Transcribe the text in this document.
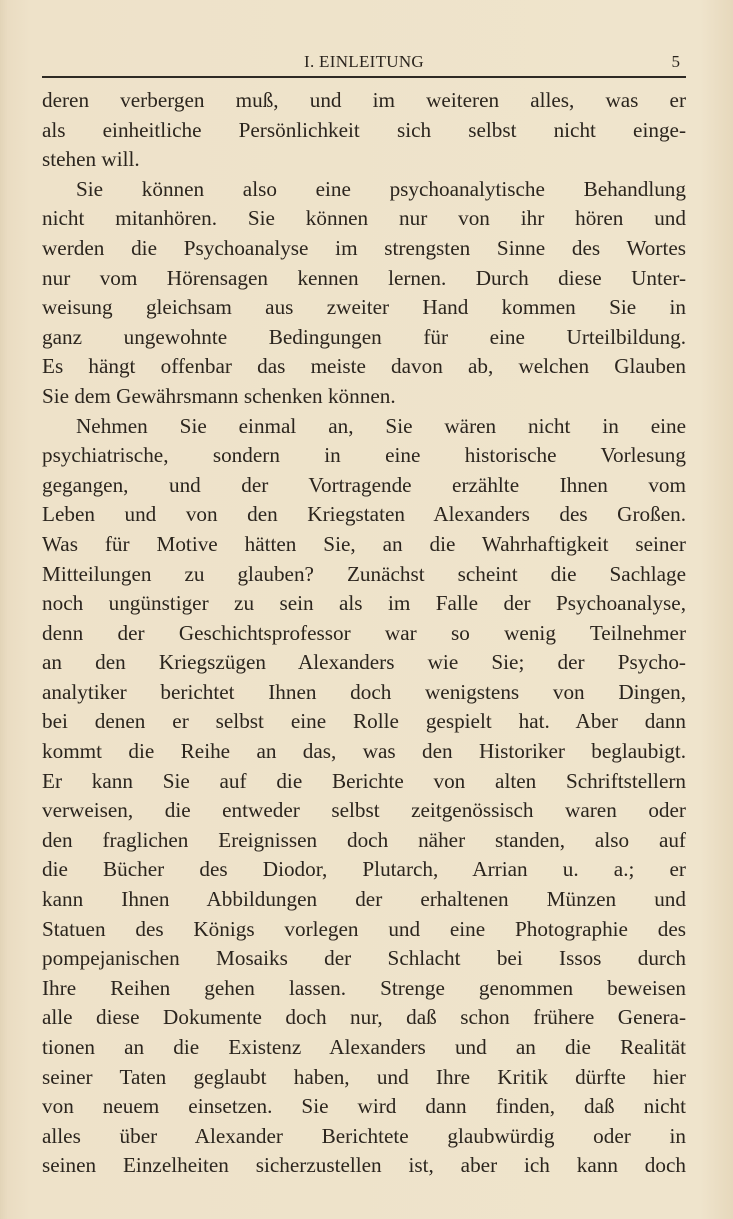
I. EINLEITUNG	5
deren verbergen muß, und im weiteren alles, was er
als einheitliche Persönlichkeit sich selbst nicht einge-
stehen will.
Sie können also eine psychoanalytische Behandlung
nicht mitanhören. Sie können nur von ihr hören und
werden die Psychoanalyse im strengsten Sinne des Wortes
nur vom Hörensagen kennen lernen. Durch diese Unter-
weisung gleichsam aus zweiter Hand kommen Sie in
ganz ungewohnte Bedingungen für eine Urteilbildung.
Es hängt offenbar das meiste davon ab, welchen Glauben
Sie dem Gewährsmann schenken können.
Nehmen Sie einmal an, Sie wären nicht in eine
psychiatrische, sondern in eine historische Vorlesung
gegangen, und der Vortragende erzählte Ihnen vom
Leben und von den Kriegstaten Alexanders des Großen.
Was für Motive hätten Sie, an die Wahrhaftigkeit seiner
Mitteilungen zu glauben? Zunächst scheint die Sachlage
noch ungünstiger zu sein als im Falle der Psychoanalyse,
denn der Geschichtsprofessor war so wenig Teilnehmer
an den Kriegszügen Alexanders wie Sie; der Psycho-
analytiker berichtet Ihnen doch wenigstens von Dingen,
bei denen er selbst eine Rolle gespielt hat. Aber dann
kommt die Reihe an das, was den Historiker beglaubigt.
Er kann Sie auf die Berichte von alten Schriftstellern
verweisen, die entweder selbst zeitgenössisch waren oder
den fraglichen Ereignissen doch näher standen, also auf
die Bücher des Diodor, Plutarch, Arrian u. a.; er
kann Ihnen Abbildungen der erhaltenen Münzen und
Statuen des Königs vorlegen und eine Photographie des
pompejanischen Mosaiks der Schlacht bei Issos durch
Ihre Reihen gehen lassen. Strenge genommen beweisen
alle diese Dokumente doch nur, daß schon frühere Genera-
tionen an die Existenz Alexanders und an die Realität
seiner Taten geglaubt haben, und Ihre Kritik dürfte hier
von neuem einsetzen. Sie wird dann finden, daß nicht
alles über Alexander Berichtete glaubwürdig oder in
seinen Einzelheiten sicherzustellen ist, aber ich kann doch
